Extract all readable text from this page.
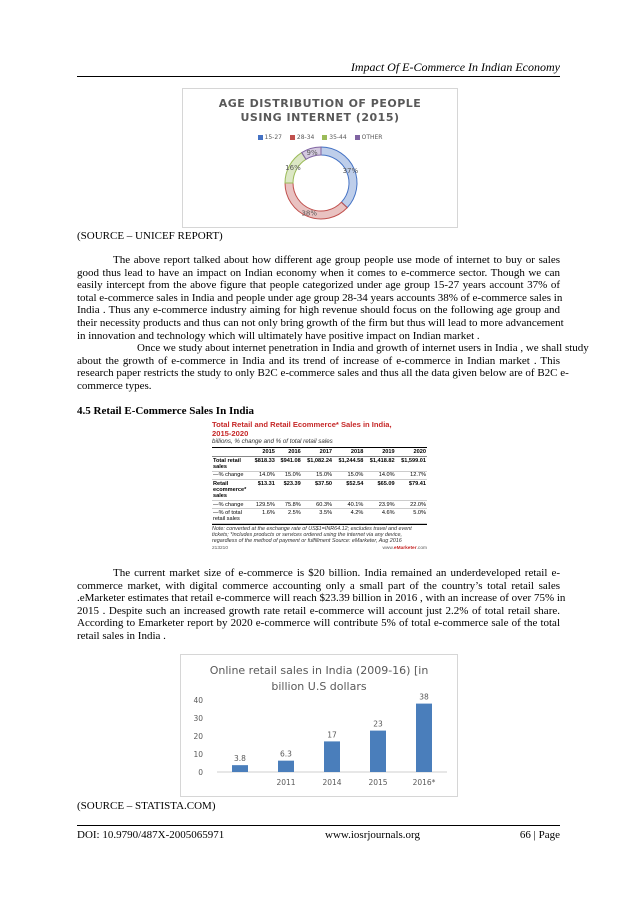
Impact Of E-Commerce In Indian Economy
AGE DISTRIBUTION OF PEOPLE
USING INTERNET (2015)
15-27 28-34 35-44 OTHER
37%
38%
16%
9%
(SOURCE – UNICEF REPORT)
The above report talked about how different age group people use mode of internet to buy or sales
good thus lead to have an impact on Indian economy when it comes to e-commerce sector. Though we can
easily intercept from the above figure that people categorized under age group 15-27 years account 37% of
total e-commerce sales in India and people under age group 28-34 years accounts 38% of e-commerce sales in
India . Thus any e-commerce industry aiming for high revenue should focus on the following age group and
their necessity products and thus can not only bring growth of the firm but thus will lead to more advancement
in innovation and technology which will ultimately have positive impact on Indian market .
Once we study about internet penetration in India and growth of internet users in India , we shall study
about the growth of e-commerce in India and its trend of increase of e-commerce in Indian market . This
research paper restricts the study to only B2C e-commerce sales and thus all the data given below are of B2C e-
commerce types.
4.5 Retail E-Commerce Sales In India
Total Retail and Retail Ecommerce* Sales in India,
2015-2020
billions, % change and % of total retail sales
	2015	2016	2017	2018	2019	2020
Total retail sales	$818.33	$941.08	$1,082.24	$1,244.58	$1,418.82	$1,599.01
—% change	14.0%	15.0%	15.0%	15.0%	14.0%	12.7%
Retail ecommerce* sales	$13.31	$23.39	$37.50	$52.54	$65.09	$79.41
—% change	129.5%	75.8%	60.3%	40.1%	23.9%	22.0%
—% of total retail sales	1.6%	2.5%	3.5%	4.2%	4.6%	5.0%
Note: converted at the exchange rate of US$1=INR64.12; excludes travel and event tickets; *includes products or services ordered using the internet via any device, regardless of the method of payment or fulfillment Source: eMarketer, Aug 2016
213210	www.eMarketer.com
The current market size of e-commerce is $20 billion. India remained an underdeveloped retail e-
commerce market, with digital commerce accounting only a small part of the country’s total retail sales
.eMarketer estimates that retail e-commerce will reach $23.39 billion in 2016 , with an increase of over 75% in
2015 . Despite such an increased growth rate retail e-commerce will account just 2.2% of total retail share.
According to Emarketer report by 2020 e-commerce will contribute 5% of total e-commerce sale of the total
retail sales in India .
Online retail sales in India (2009-16) [in
billion U.S dollars
0
10
20
30
40
3.8	6.3
2011
17
2014
23
2015
38
2016*
(SOURCE – STATISTA.COM)
DOI: 10.9790/487X-2005065971	www.iosrjournals.org	66 | Page
